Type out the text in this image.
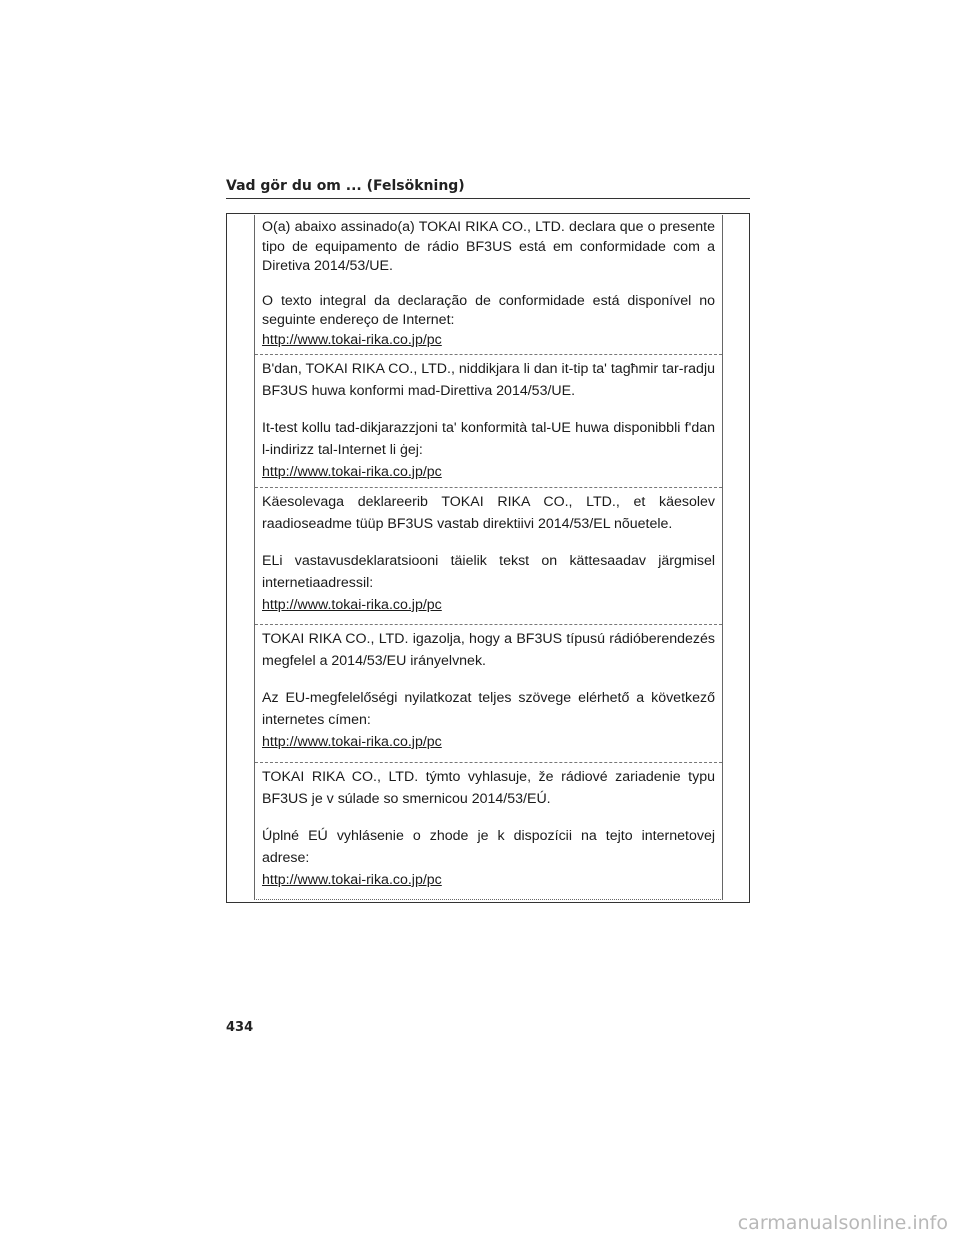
Vad gör du om ... (Felsökning)

O(a) abaixo assinado(a) TOKAI RIKA CO., LTD. declara que o presente tipo de equipamento de rádio BF3US está em conformidade com a Diretiva 2014/53/UE.

O texto integral da declaração de conformidade está disponível no seguinte endereço de Internet:

http://www.tokai-rika.co.jp/pc

B'dan, TOKAI RIKA CO., LTD., niddikjara li dan it-tip ta' tagħmir tar-radju BF3US huwa konformi mad-Direttiva 2014/53/UE.

It-test kollu tad-dikjarazzjoni ta' konformità tal-UE huwa disponibbli f'dan l-indirizz tal-Internet li ġej:

http://www.tokai-rika.co.jp/pc

Käesolevaga deklareerib TOKAI RIKA CO., LTD., et käesolev raadioseadme tüüp BF3US vastab direktiivi 2014/53/EL nõuetele.

ELi vastavusdeklaratsiooni täielik tekst on kättesaadav järgmisel internetiaadressil:

http://www.tokai-rika.co.jp/pc

TOKAI RIKA CO., LTD. igazolja, hogy a BF3US típusú rádióberendezés megfelel a 2014/53/EU irányelvnek.

Az EU-megfelelőségi nyilatkozat teljes szövege elérhető a következő internetes címen:

http://www.tokai-rika.co.jp/pc

TOKAI RIKA CO., LTD. týmto vyhlasuje, že rádiové zariadenie typu BF3US je v súlade so smernicou 2014/53/EÚ.

Úplné EÚ vyhlásenie o zhode je k dispozícii na tejto internetovej adrese:

http://www.tokai-rika.co.jp/pc
434
carmanualsonline.info
